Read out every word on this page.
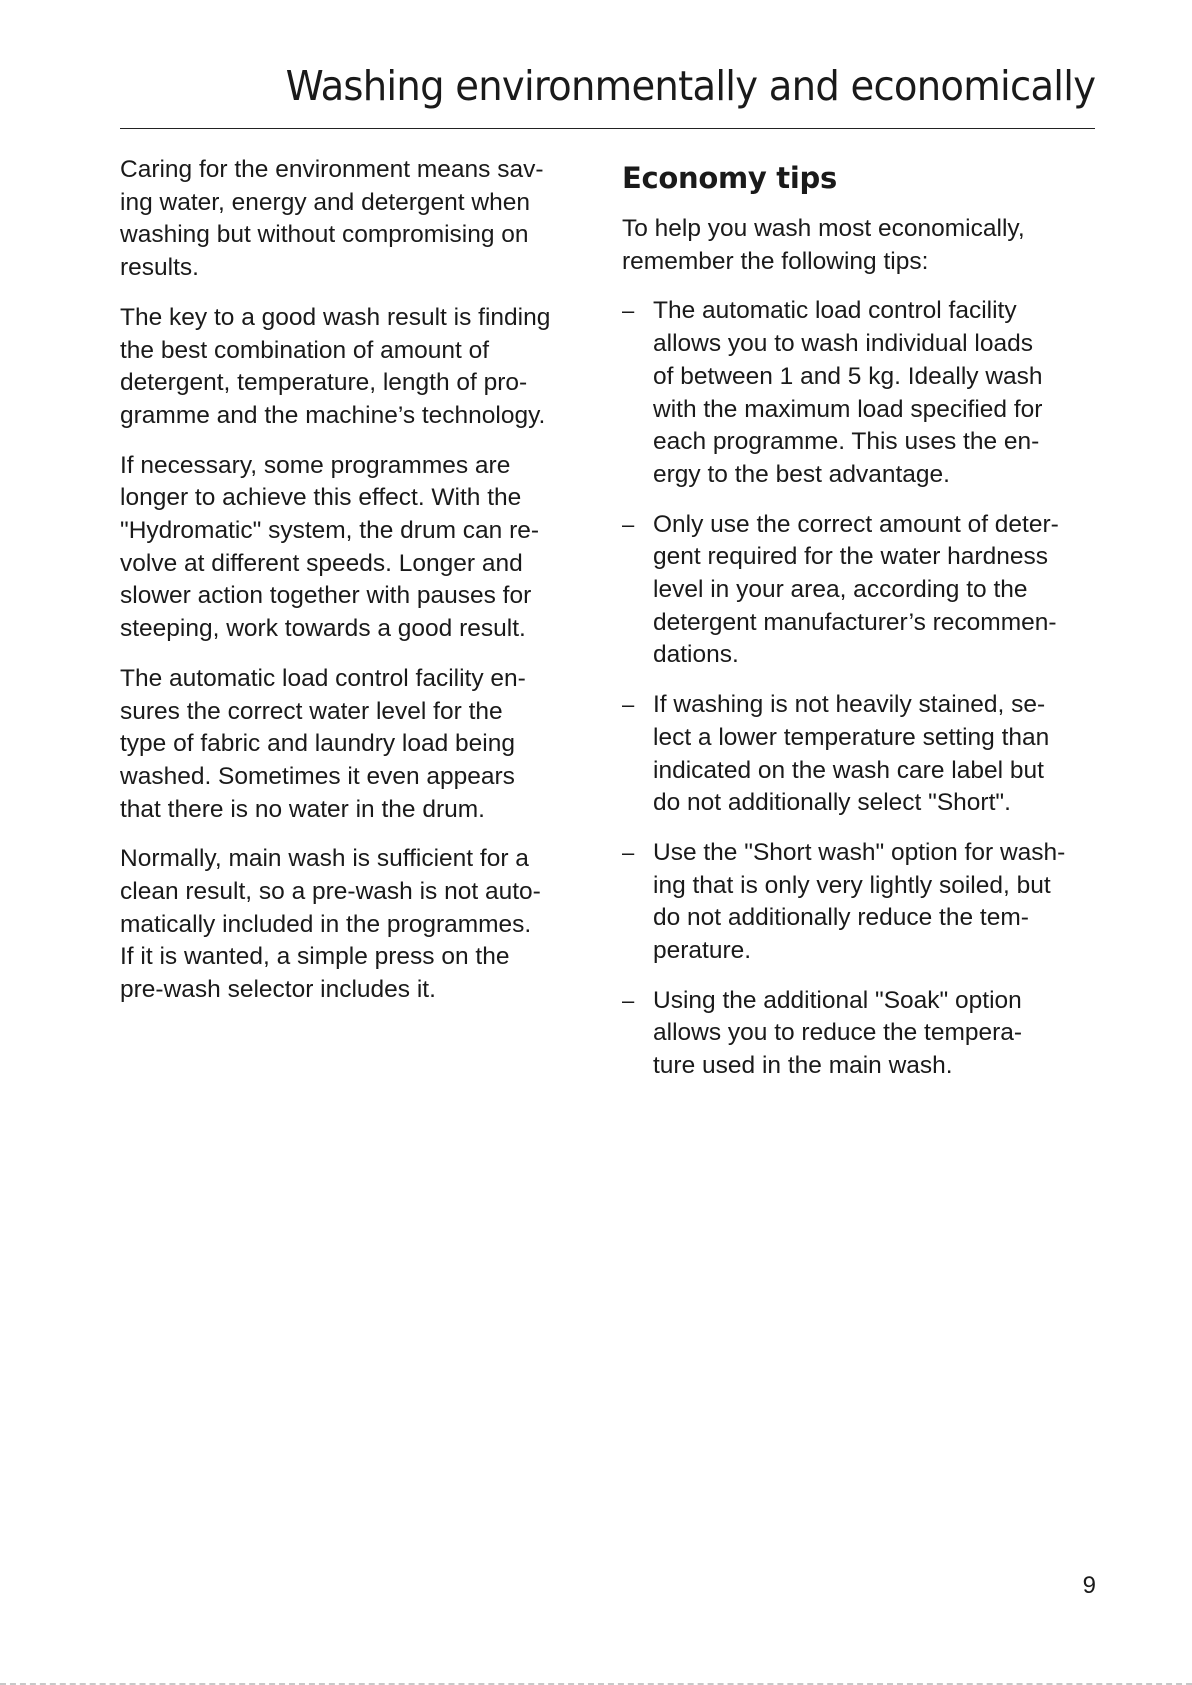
Washing environmentally and economically

Caring for the environment means sav-
ing water, energy and detergent when
washing but without compromising on
results.

The key to a good wash result is finding
the best combination of amount of
detergent, temperature, length of pro-
gramme and the machine’s technology.

If necessary, some programmes are
longer to achieve this effect. With the
"Hydromatic" system, the drum can re-
volve at different speeds. Longer and
slower action together with pauses for
steeping, work towards a good result.

The automatic load control facility en-
sures the correct water level for the
type of fabric and laundry load being
washed. Sometimes it even appears
that there is no water in the drum.

Normally, main wash is sufficient for a
clean result, so a pre-wash is not auto-
matically included in the programmes.
If it is wanted, a simple press on the
pre-wash selector includes it.

Economy tips

To help you wash most economically,
remember the following tips:

– The automatic load control facility
allows you to wash individual loads
of between 1 and 5 kg. Ideally wash
with the maximum load specified for
each programme. This uses the en-
ergy to the best advantage.
– Only use the correct amount of deter-
gent required for the water hardness
level in your area, according to the
detergent manufacturer’s recommen-
dations.
– If washing is not heavily stained, se-
lect a lower temperature setting than
indicated on the wash care label but
do not additionally select "Short".
– Use the "Short wash" option for wash-
ing that is only very lightly soiled, but
do not additionally reduce the tem-
perature.
– Using the additional "Soak" option
allows you to reduce the tempera-
ture used in the main wash.
9
